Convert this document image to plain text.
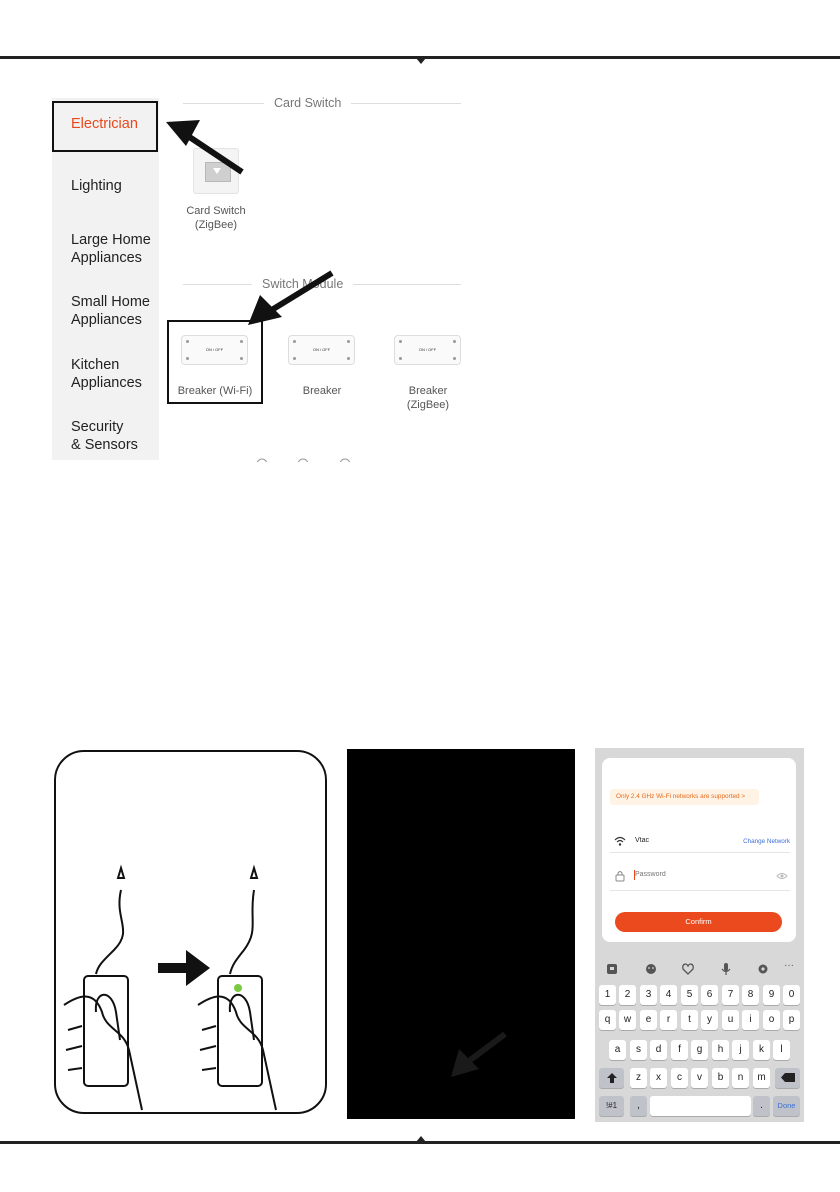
Electrician
Lighting
Large Home
Appliances
Small Home
Appliances
Kitchen
Appliances
Security
& Sensors
Card Switch
Card Switch
(ZigBee)
Switch Module
ON / OFF	ON / OFF	ON / OFF
Breaker (Wi-Fi)	Breaker	Breaker
(ZigBee)
Only 2.4 GHz Wi-Fi networks are supported >
Vtac	Change Network
Password
Confirm
···
1	2	3	4	5	6	7	8	9	0
q	w	e	r	t	y	u	i	o	p
a	s	d	f	g	h	j	k	l
z	x	c	v	b	n	m
!#1	,	.	Done
